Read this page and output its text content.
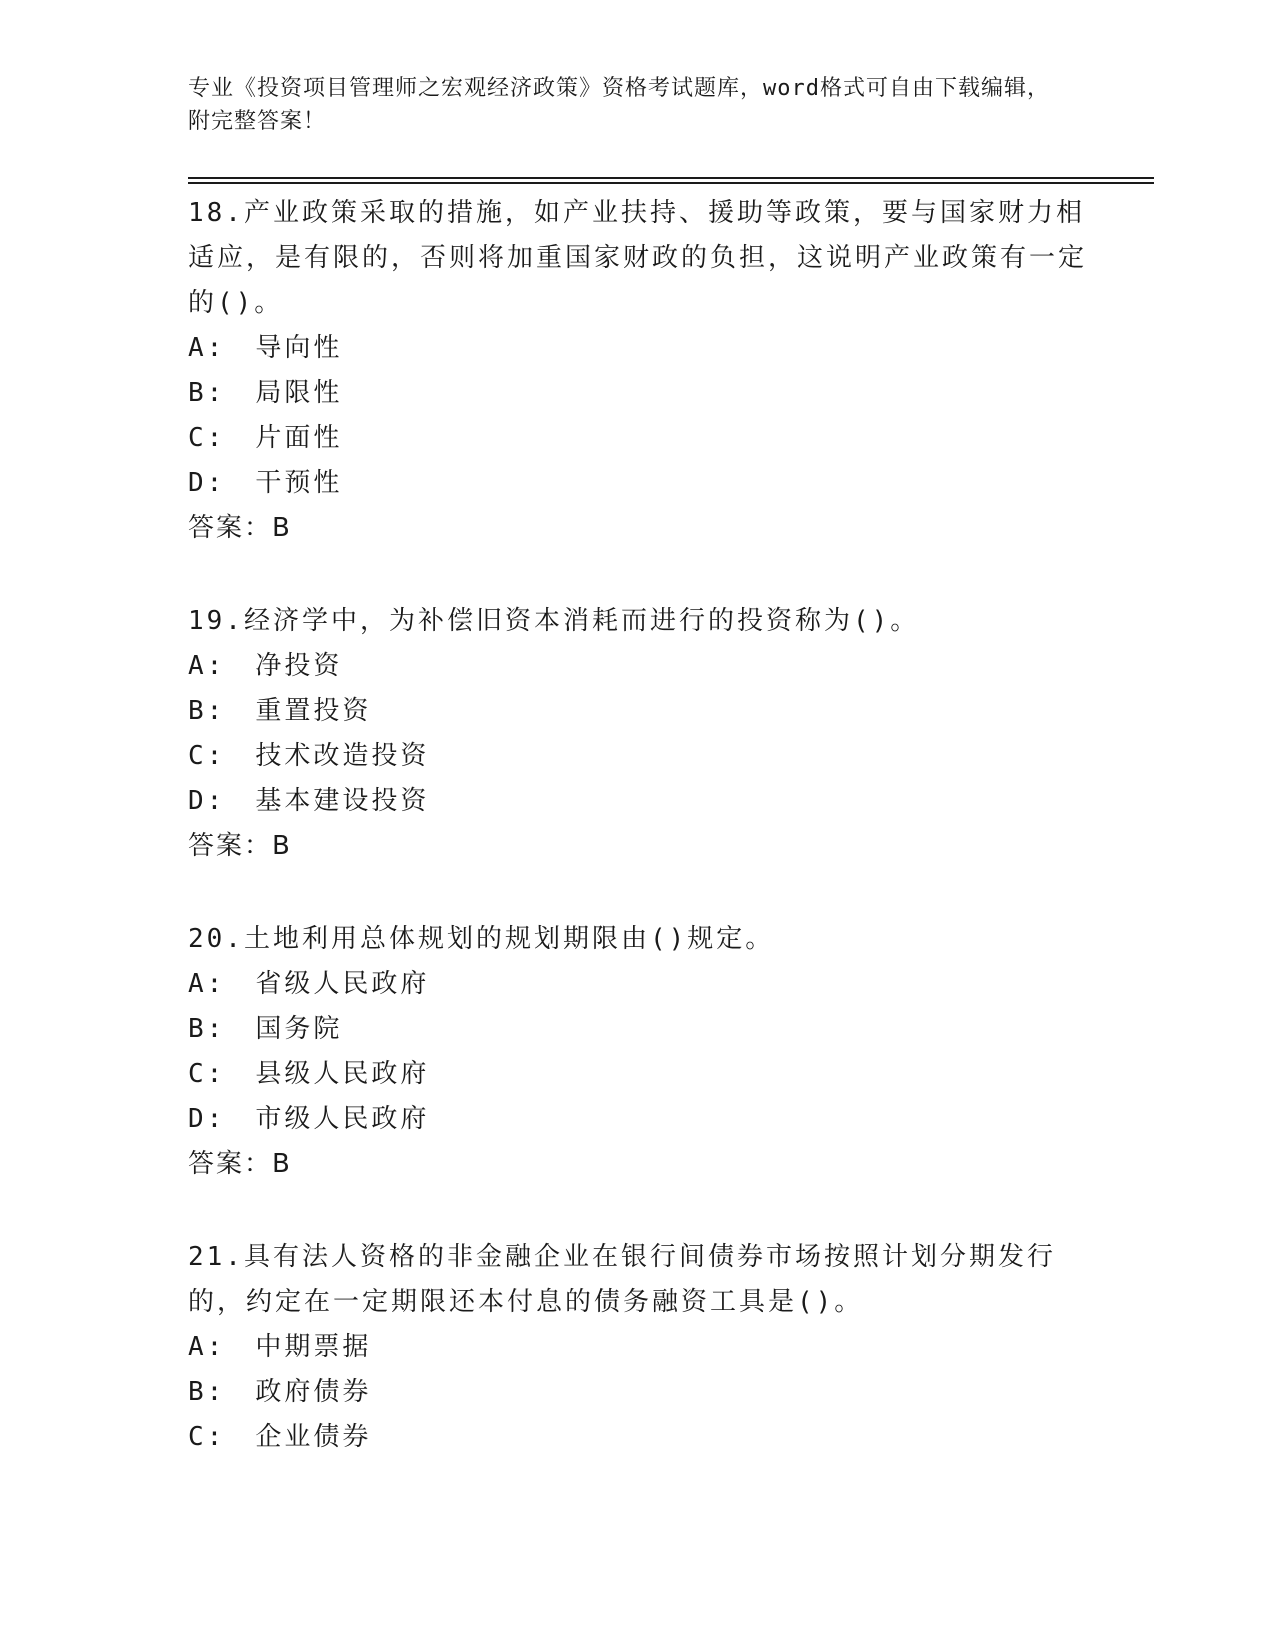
专业《投资项目管理师之宏观经济政策》资格考试题库，word格式可自由下载编辑，附完整答案！

18.产业政策采取的措施，如产业扶持、援助等政策，要与国家财力相适应，是有限的，否则将加重国家财政的负担，这说明产业政策有一定的()。

A: 导向性
B: 局限性
C: 片面性
D: 干预性

答案：B

19.经济学中，为补偿旧资本消耗而进行的投资称为()。

A: 净投资
B: 重置投资
C: 技术改造投资
D: 基本建设投资

答案：B

20.土地利用总体规划的规划期限由()规定。

A: 省级人民政府
B: 国务院
C: 县级人民政府
D: 市级人民政府

答案：B

21.具有法人资格的非金融企业在银行间债券市场按照计划分期发行的，约定在一定期限还本付息的债务融资工具是()。

A: 中期票据
B: 政府债券
C: 企业债券
